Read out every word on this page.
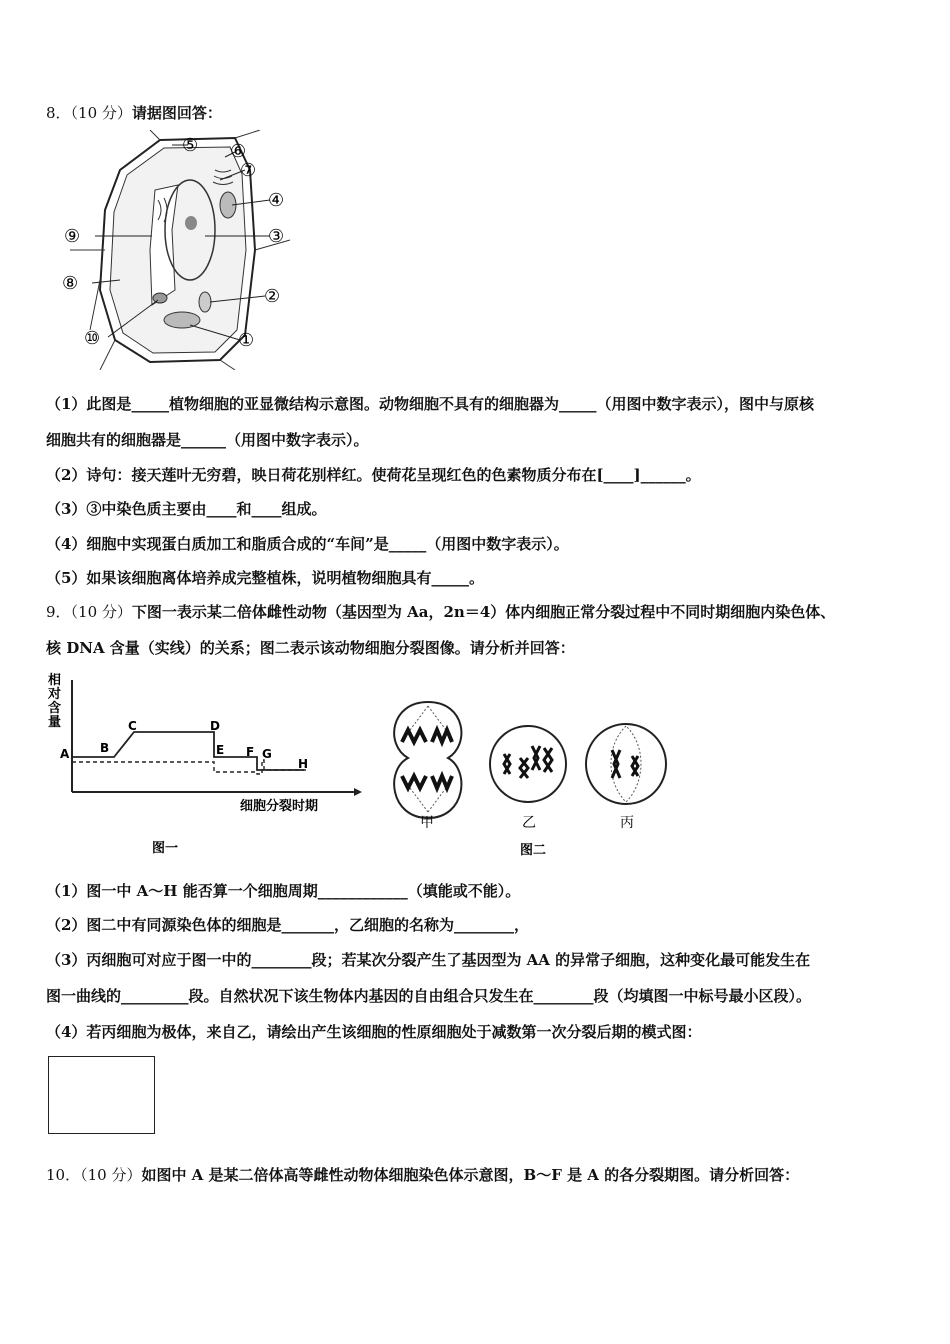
8．（10 分）请据图回答：
⑤ ⑥
⑦
④
⑨	③
⑧
②
⑩	①
（1）此图是_____植物细胞的亚显微结构示意图。动物细胞不具有的细胞器为_____（用图中数字表示），图中与原核
细胞共有的细胞器是______（用图中数字表示）。
（2）诗句：接天莲叶无穷碧，映日荷花别样红。使荷花呈现红色的色素物质分布在[____]______。
（3）③中染色质主要由____和____组成。
（4）细胞中实现蛋白质加工和脂质合成的“车间”是_____（用图中数字表示）。
（5）如果该细胞离体培养成完整植株，说明植物细胞具有_____。
9．（10 分）下图一表示某二倍体雌性动物（基因型为 Aa，2n＝4）体内细胞正常分裂过程中不同时期细胞内染色体、
核 DNA 含量（实线）的关系；图二表示该动物细胞分裂图像。请分析并回答：
相
对
含
量
A	B
C	D
E F G
H
细胞分裂时期
图一
甲	乙	丙
图二
（1）图一中 A～H 能否算一个细胞周期____________（填能或不能）。
（2）图二中有同源染色体的细胞是_______，乙细胞的名称为________，
（3）丙细胞可对应于图一中的________段；若某次分裂产生了基因型为 AA 的异常子细胞，这种变化最可能发生在
图一曲线的_________段。自然状况下该生物体内基因的自由组合只发生在________段（均填图一中标号最小区段）。
（4）若丙细胞为极体，来自乙，请绘出产生该细胞的性原细胞处于减数第一次分裂后期的模式图：
10．（10 分）如图中 A 是某二倍体高等雌性动物体细胞染色体示意图，B～F 是 A 的各分裂期图。请分析回答：
